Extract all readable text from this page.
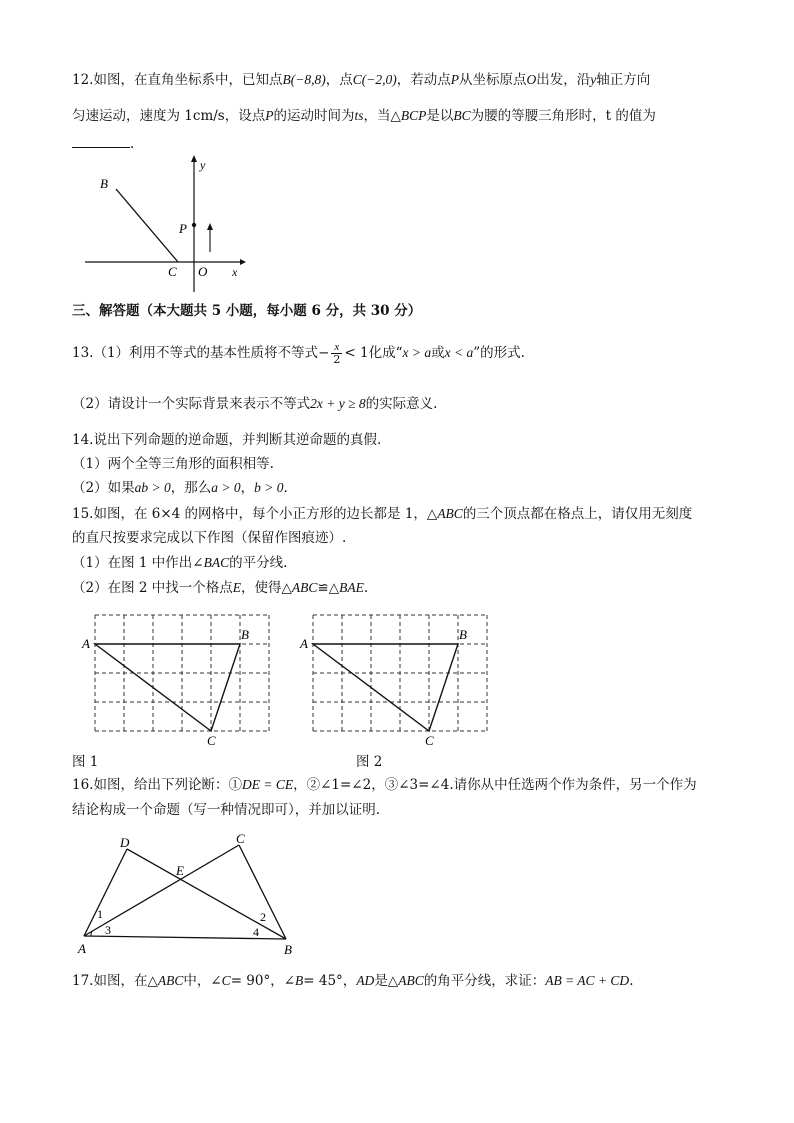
12.如图，在直角坐标系中，已知点B(−8,8)，点C(−2,0)，若动点P从坐标原点O出发，沿y轴正方向
匀速运动，速度为 1cm/s，设点P的运动时间为ts，当△BCP是以BC为腰的等腰三角形时，t 的值为
.
B
P
C O x
y
三、解答题（本大题共 5 小题，每小题 6 分，共 30 分）
13.（1）利用不等式的基本性质将不等式− $\frac{x}{2} < 1$化成“x > a或x < a”的形式.
（2）请设计一个实际背景来表示不等式2x + y ≥ 8的实际意义.
14.说出下列命题的逆命题，并判断其逆命题的真假.
（1）两个全等三角形的面积相等.
（2）如果ab > 0，那么a > 0，b > 0.
15.如图，在 6×4 的网格中，每个小正方形的边长都是 1，△ABC的三个顶点都在格点上，请仅用无刻度
的直尺按要求完成以下作图（保留作图痕迹）.
（1）在图 1 中作出∠BAC的平分线.
（2）在图 2 中找一个格点E，使得△ABC≌△BAE.
A
B
C
A
B
C
图 1	图 2
16.如图，给出下列论断：①DE = CE，②∠1=∠2，③∠3=∠4.请你从中任选两个作为条件，另一个作为
结论构成一个命题（写一种情况即可），并加以证明.
D	C
E
A	B
1	2
3	4
17.如图，在△ABC中，∠C= 90°，∠B= 45°，AD是△ABC的角平分线，求证：AB = AC + CD.
